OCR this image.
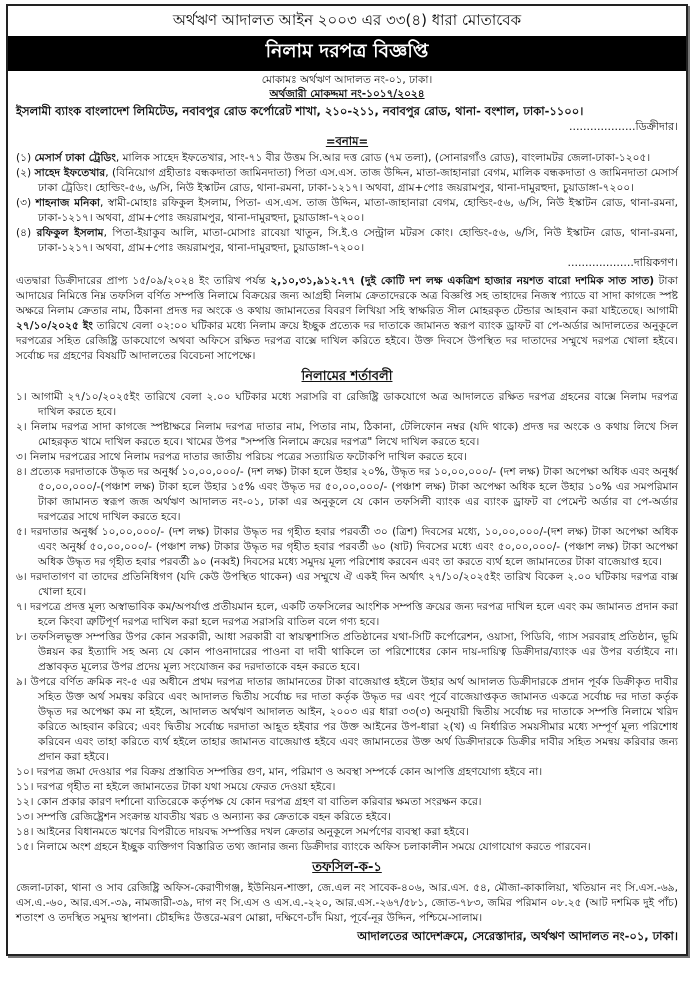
অর্থঋণ আদালত আইন ২০০৩ এর ৩৩(৪) ধারা মোতাবেক
নিলাম দরপত্র বিজ্ঞপ্তি
মোকামঃ অর্থঋণ আদালত নং-০১, ঢাকা।
অর্থজারী মোকদ্দমা নং-১০১৭/২০২৪
ইসলামী ব্যাংক বাংলাদেশ লিমিটেড, নবাবপুর রোড কর্পোরেট শাখা, ২১০-২১১, নবাবপুর রোড, থানা- বংশাল, ঢাকা-১১০০।
...................ডিক্রীদার।
=বনাম=
(১) মেসার্স ঢাকা ট্রেডিং, মালিক সাহেদ ইফতেখার, সাং-৭১ বীর উত্তম সি.আর দত্ত রোড (৭ম তলা), (সোনারগাঁও রোড), বাংলামটর জেলা-ঢাকা-১২০৫।
(২) সাহেদ ইফতেখার, (বিনিয়োগ গ্রহীতাঃ বন্ধকদাতা জামিনদাতা) পিতা এস.এস. তাজ উদ্দিন, মাতা-জাহানারা বেগম, মালিক বন্ধকদাতা ও জামিনদাতা মেসার্স ঢাকা ট্রেডিং। হোল্ডিং-৫৬, ৬/সি, নিউ ইস্কাটন রোড, থানা-রমনা, ঢাকা-১২১৭। অথবা, গ্রাম+পোঃ জয়রামপুর, থানা-দামুরহুদা, চুয়াডাঙ্গা-৭২০০।
(৩) শাহনাজ মনিকা, স্বামী-মোহাঃ রফিকুল ইসলাম, পিতা- এস.এস. তাজ উদ্দিন, মাতা-জাহানারা বেগম, হোল্ডিং-৫৬, ৬/সি, নিউ ইস্কাটন রোড, থানা-রমনা, ঢাকা-১২১৭। অথবা, গ্রাম+পোঃ জয়রামপুর, থানা-দামুরহুদা, চুয়াডাঙ্গা-৭২০০।
(৪) রফিকুল ইসলাম, পিতা-ইয়াকুব আলি, মাতা-মোসাঃ রাবেয়া খাতুন, সি.ই.ও সেন্ট্রাল মটরস কোং। হোল্ডিং-৫৬, ৬/সি, নিউ ইস্কাটন রোড, থানা-রমনা, ঢাকা-১২১৭। অথবা, গ্রাম+পোঃ জয়রামপুর, থানা-দামুরহুদা, চুয়াডাঙ্গা-৭২০০।
...................দায়িকগণ।

এতদ্বারা ডিক্রীদারের প্রাপ্য ১৫/০৯/২০২৪ ইং তারিখ পর্যন্ত ২,১০,৩১,৯১২.৭৭ (দুই কোটি দশ লক্ষ একত্রিশ হাজার নয়শত বারো দশমিক সাত সাত) টাকা আদায়ের নিমিত্তে নিম্ন তফসিল বর্ণিত সম্পত্তি নিলামে বিক্রয়ের জন্য আগ্রহী নিলাম ক্রেতাদেরকে অত্র বিজ্ঞপ্তি সহ তাহাদের নিজস্ব প্যাডে বা সাদা কাগজে স্পষ্ট অক্ষরে নিলাম ক্রেতার নাম, ঠিকানা প্রদত্ত দর অংকে ও কথায় জামানতের বিবরণ লিখিয়া সহি স্বাক্ষরিত সীল মোহরকৃত টেন্ডার আহবান করা যাইতেছে। আগামী ২৭/১০/২০২৫ ইং তারিখে বেলা ০২:০০ ঘটিকার মধ্যে নিলাম ক্রয়ে ইচ্ছুক প্রত্যেক দর দাতাকে জামানত স্বরূপ ব্যাংক ড্রাফট বা পে-অর্ডার আদালতের অনুকূলে দরপত্রের সহিত রেজিষ্ট্রি ডাকযোগে অথবা অফিসে রক্ষিত দরপত্র বাক্সে দাখিল করিতে হইবে। উক্ত দিবসে উপস্থিত দর দাতাদের সম্মুখে দরপত্র খোলা হইবে। সর্বোচ্চ দর গ্রহণের বিষয়টি আদালতের বিবেচনা সাপেক্ষে।

নিলামের শর্তাবলী
১। আগামী ২৭/১০/২০২৫ইং তারিখে বেলা ২.০০ ঘটিকার মধ্যে সরাসরি বা রেজিষ্ট্রি ডাকযোগে অত্র আদালতে রক্ষিত দরপত্র গ্রহনের বাক্সে নিলাম দরপত্র দাখিল করতে হবে।
২। নিলাম দরপত্র সাদা কাগজে স্পষ্টাক্ষরে নিলাম দরপত্র দাতার নাম, পিতার নাম, ঠিকানা, টেলিফোন নম্বর (যদি থাকে) প্রদত্ত দর অংকে ও কথায় লিখে সিল মোহরকৃত খামে দাখিল করতে হবে। খামের উপর "সম্পত্তি নিলামে ক্রয়ের দরপত্র" লিখে দাখিল করতে হবে।
৩। নিলাম দরপত্রের সাথে নিলাম দরপত্র দাতার জাতীয় পরিচয় পত্রের সত্যায়িত ফটোকপি দাখিল করতে হবে।
৪। প্রত্যেক দরদাতাকে উদ্ধৃত দর অনুর্ধ্ব ১০,০০,০০০/- (দশ লক্ষ) টাকা হলে উহার ২০%, উদ্ধৃত দর ১০,০০,০০০/- (দশ লক্ষ) টাকা অপেক্ষা অধিক এবং অনুর্ধ্ব ৫০,০০,০০০/-(পঞ্চাশ লক্ষ) টাকা হলে উহার ১৫% এবং উদ্ধৃত দর ৫০,০০,০০০/- (পঞ্চাশ লক্ষ) টাকা অপেক্ষা অধিক হলে উহার ১০% এর সমপরিমান টাকা জামানত স্বরূপ জজ অর্থঋণ আদালত নং-০১, ঢাকা এর অনুকূলে যে কোন তফসিলী ব্যাংক এর ব্যাংক ড্রাফট বা পেমেন্ট অর্ডার বা পে-অর্ডার দরপত্রের সাথে দাখিল করতে হবে।
৫। দরদাতার অনুর্ধ্ব ১০,০০,০০০/- (দশ লক্ষ) টাকার উদ্ধৃত দর গৃহীত হবার পরবর্তী ৩০ (ত্রিশ) দিবসের মধ্যে, ১০,০০,০০০/-(দশ লক্ষ) টাকা অপেক্ষা অধিক এবং অনুর্ধ্ব ৫০,০০,০০০/- (পঞ্চাশ লক্ষ) টাকার উদ্ধৃত দর গৃহীত হবার পরবর্তী ৬০ (ষাট) দিবসের মধ্যে এবং ৫০,০০,০০০/- (পঞ্চাশ লক্ষ) টাকা অপেক্ষা অধিক উদ্ধৃত দর গৃহীত হবার পরবর্তী ৯০ (নব্বই) দিবসের মধ্যে সমুদয় মূল্য পরিশোধ করবেন এবং তা করতে ব্যর্থ হলে জামানতের টাকা বাজেয়াপ্ত হবে।
৬। দরদাতাগণ বা তাদের প্রতিনিধিগণ (যদি কেউ উপস্থিত থাকেন) এর সম্মুখে ঐ একই দিন অর্থাৎ ২৭/১০/২০২৫ইং তারিখ বিকেল ২.০০ ঘটিকায় দরপত্র বাক্স খোলা হবে।
৭। দরপত্রে প্রদত্ত মূল্য অস্বাভাবিক কম/অপর্যাপ্ত প্রতীয়মান হলে, একটি তফসিলের আংশিক সম্পত্তি ক্রয়ের জন্য দরপত্র দাখিল হলে এবং কম জামানত প্রদান করা হলে কিংবা ত্রুটিপূর্ণ দরপত্র দাখিল করা হলে দরপত্র সরাসরি বাতিল বলে গণ্য হবে।
৮। তফসিলভূক্ত সম্পত্তির উপর কোন সরকারী, আধা সরকারী বা স্বায়ত্বশাসিত প্রতিষ্ঠানের যথা-সিটি কর্পোরেশন, ওয়াসা, পিডিবি, গ্যাস সরবরাহ প্রতিষ্ঠান, ভূমি উন্নয়ন কর ইত্যাদি সহ অন্য যে কোন পাওনাদারের পাওনা বা দাবী থাকিলে তা পরিশোধের কোন দায়-দায়িত্ব ডিক্রীদার/ব্যাংক এর উপর বর্তাইবে না। প্রস্তাবকৃত মূল্যের উপর প্রদেয় মূল্য সংযোজন কর দরদাতাকে বহন করতে হবে।
৯। উপরে বর্ণিত ক্রমিক নং-৫ এর অধীনে প্রথম দরপত্র দাতার জামানতের টাকা বাজেয়াপ্ত হইলে উহার অর্থ আদালত ডিক্রীদারকে প্রদান পূর্বক ডিক্রীকৃত দাবীর সহিত উক্ত অর্থ সমন্বয় করিবে এবং আদালত দ্বিতীয় সর্বোচ্চ দর দাতা কর্তৃক উদ্ধৃত দর এবং পূর্বে বাজেয়াপ্তকৃত জামানত একত্রে সর্বোচ্চ দর দাতা কর্তৃক উদ্ধৃত দর অপেক্ষা কম না হইলে, আদালত অর্থঋণ আদালত আইন, ২০০৩ এর ধারা ৩৩(৩) অনুযায়ী দ্বিতীয় সর্বোচ্চ দর দাতাকে সম্পত্তি নিলামে খরিদ করিতে আহবান করিবে; এবং দ্বিতীয় সর্বোচ্চ দরদাতা আহূত হইবার পর উক্ত আইনের উপ-ধারা ২(খ) এ নির্ধারিত সময়সীমার মধ্যে সম্পূর্ণ মূল্য পরিশোধ করিবেন এবং তাহা করিতে ব্যর্থ হইলে তাহার জামানত বাজেয়াপ্ত হইবে এবং জামানতের উক্ত অর্থ ডিক্রীদারকে ডিক্রীর দাবীর সহিত সমন্বয় করিবার জন্য প্রদান করা হইবে।
১০। দরপত্র জমা দেওয়ার পর বিক্রয় প্রস্তাবিত সম্পত্তির গুণ, মান, পরিমাণ ও অবস্থা সম্পর্কে কোন আপত্তি গ্রহণযোগ্য হইবে না।
১১। দরপত্র গৃহীত না হইলে জামানতের টাকা যথা সময়ে ফেরত দেওয়া হইবে।
১২। কোন প্রকার কারণ দর্শানো ব্যতিরেকে কর্তৃপক্ষ যে কোন দরপত্র গ্রহণ বা বাতিল করিবার ক্ষমতা সংরক্ষন করে।
১৩। সম্পত্তি রেজিষ্ট্রেশন সংক্রান্ত যাবতীয় খরচ ও অন্যান্য কর ক্রেতাকে বহন করিতে হইবে।
১৪। আইনের বিধানমতে ঋণের বিপরীতে দায়বদ্ধ সম্পত্তির দখল ক্রেতার অনুকূলে সমর্পণের ব্যবস্থা করা হইবে।
১৫। নিলামে অংশ গ্রহনে ইচ্ছুক ব্যক্তিগণ বিস্তারিত তথ্য জানার জন্য ডিক্রীদার ব্যাংকে অফিস চলাকালীন সময়ে যোগাযোগ করতে পারবেন।
তফসিল-ক-১

জেলা-ঢাকা, থানা ও সাব রেজিষ্ট্রি অফিস-কেরাণীগঞ্জ, ইউনিয়ন-শাক্তা, জে.এল নং সাবেক-৪০৬, আর.এস. ৫৪, মৌজা-কাকালিয়া, খতিয়ান নং সি.এস.-৬৯, এস.এ.-৬০, আর.এস.-৩৯, নামজারী-৩৯, দাগ নং সি.এস ও এস.এ.-২২০, আর.এস.-২৬৭/৫৮১, জোত-৭৮৩, জমির পরিমান ০৮.২৫ (আট দশমিক দুই পাঁচ) শতাংশ ও তদস্থিত সমুদয় স্থাপনা। চৌহদ্দিঃ উত্তরে-মরণ মোল্লা, দক্ষিণে-চাঁদ মিয়া, পূর্বে-নূর উদ্দিন, পশ্চিমে-সালাম।

আদালতের আদেশক্রমে, সেরেস্তাদার, অর্থঋণ আদালত নং-০১, ঢাকা।
